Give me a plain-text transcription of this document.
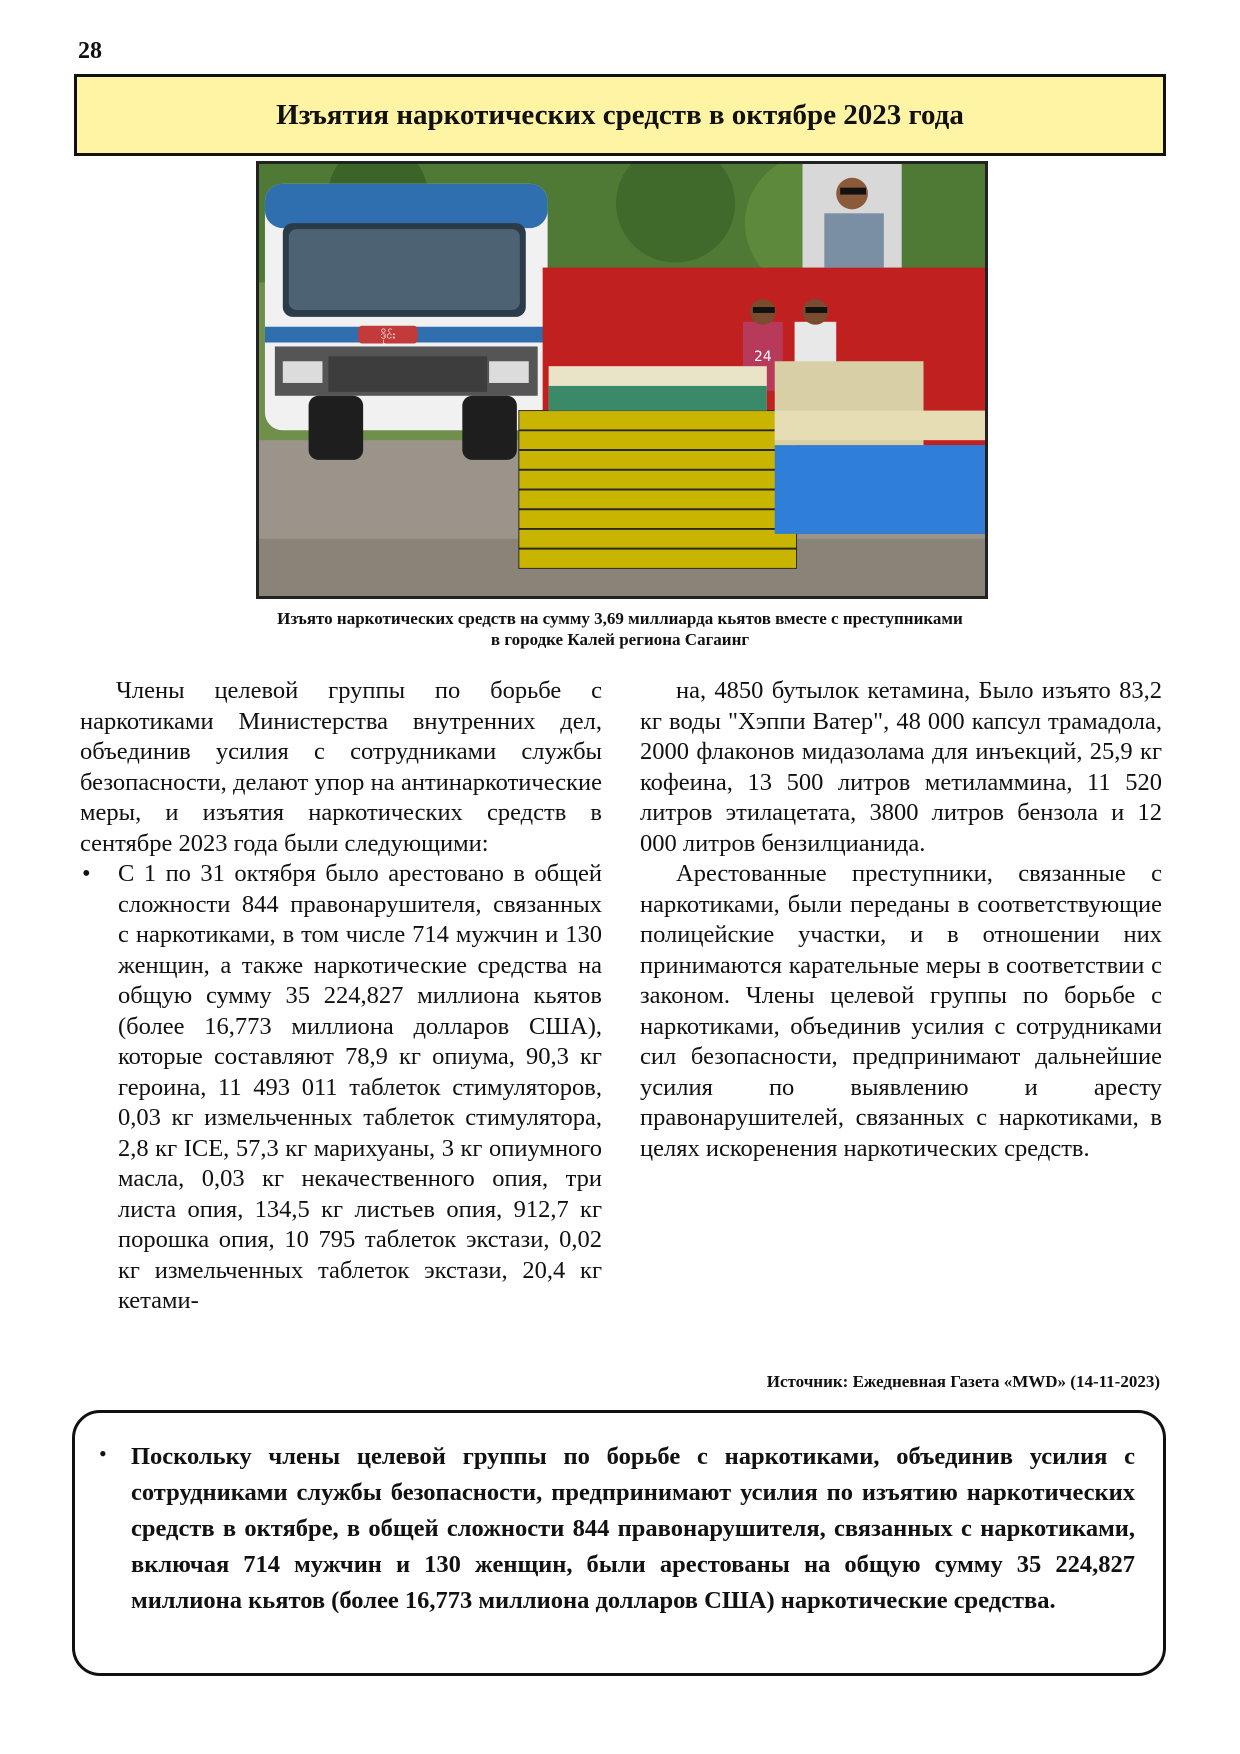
28
Изъятия наркотических средств в октябре 2023 года
ဒိုင်း
24
Изъято наркотических средств на сумму 3,69 миллиарда кьятов вместе с преступниками
в городке Калей региона Сагаинг

Члены целевой группы по борьбе с наркотиками Министерства внутренних дел, объединив усилия с сотрудниками службы безопасности, делают упор на антинаркотические меры, и изъятия наркотических средств в сентябре 2023 года были следующими:

• С 1 по 31 октября было арестовано в общей сложности 844 правонарушителя, связанных с наркотиками, в том числе 714 мужчин и 130 женщин, а также наркотические средства на общую сумму 35 224,827 миллиона кьятов (более 16,773 миллиона долларов США), которые составляют 78,9 кг опиума, 90,3 кг героина, 11 493 011 таблеток стимуляторов, 0,03 кг измельченных таблеток стимулятора, 2,8 кг ICE, 57,3 кг марихуаны, 3 кг опиумного масла, 0,03 кг некачественного опия, три листа опия, 134,5 кг листьев опия, 912,7 кг порошка опия, 10 795 таблеток экстази, 0,02 кг измельченных таблеток экстази, 20,4 кг кетами-

на, 4850 бутылок кетамина, Было изъято 83,2 кг воды "Хэппи Ватер", 48 000 капсул трамадола, 2000 флаконов мидазолама для инъекций, 25,9 кг кофеина, 13 500 литров метиламмина, 11 520 литров этилацетата, 3800 литров бензола и 12 000 литров бензилцианида.

Арестованные преступники, связанные с наркотиками, были переданы в соответствующие полицейские участки, и в отношении них принимаются карательные меры в соответствии с законом. Члены целевой группы по борьбе с наркотиками, объединив усилия с сотрудниками сил безопасности, предпринимают дальнейшие усилия по выявлению и аресту правонарушителей, связанных с наркотиками, в целях искоренения наркотических средств.

Источник: Ежедневная Газета «MWD» (14-11-2023)
• Поскольку члены целевой группы по борьбе с наркотиками, объединив усилия с сотрудниками службы безопасности, предпринимают усилия по изъятию наркотических средств в октябре, в общей сложности 844 правонарушителя, связанных с наркотиками, включая 714 мужчин и 130 женщин, были арестованы на общую сумму 35 224,827 миллиона кьятов (более 16,773 миллиона долларов США) наркотические средства.
